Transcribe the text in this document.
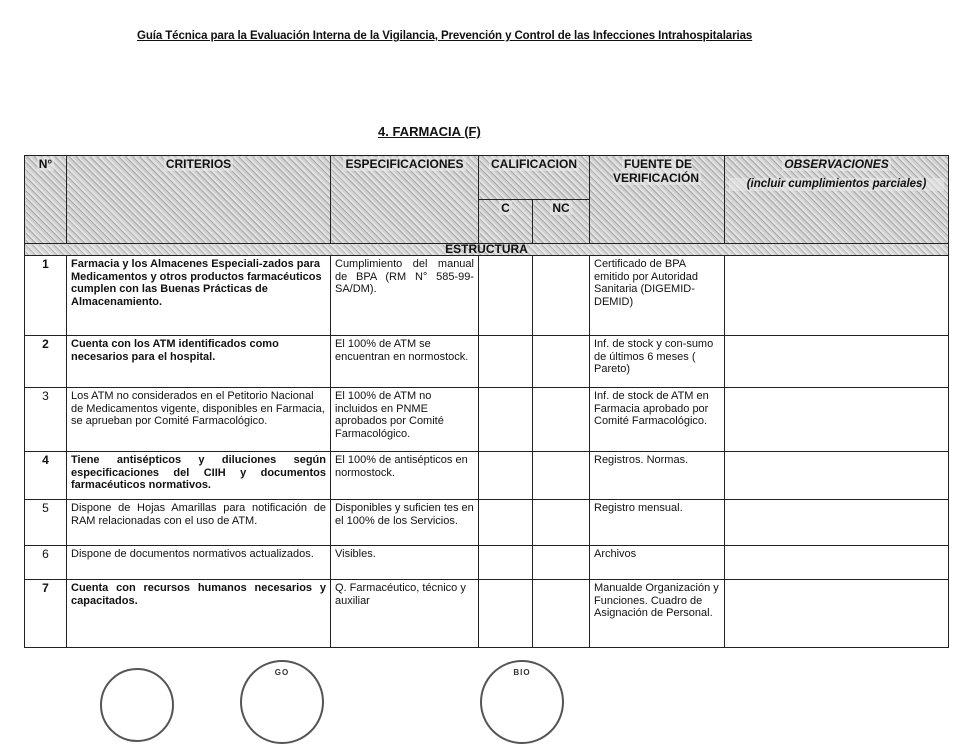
Guía Técnica para la Evaluación Interna de la Vigilancia, Prevención y Control de las Infecciones Intrahospitalarias
4. FARMACIA (F)
N°	CRITERIOS	ESPECIFICACIONES	CALIFICACION		FUENTE DE VERIFICACIÓN	OBSERVACIONES
(incluir cumplimientos parciales)

			C	NC		
ESTRUCTURA						
1	Farmacia y los Almacenes Especiali-zados para Medicamentos y otros productos farmacéuticos cumplen con las Buenas Prácticas de Almacenamiento.	Cumplimiento del manual de BPA (RM N° 585-99-SA/DM).			Certificado de BPA emitido por Autoridad Sanitaria (DIGEMID-DEMID)	
2	Cuenta con los ATM identificados como necesarios para el hospital.	El 100% de ATM se encuentran en normostock.			Inf. de stock y con-sumo de últimos 6 meses ( Pareto)	
3	Los ATM no considerados en el Petitorio Nacional de Medicamentos vigente, disponibles en Farmacia, se aprueban por Comité Farmacológico.	El 100% de ATM no incluidos en PNME aprobados por Comité Farmacológico.			Inf. de stock de ATM en Farmacia aprobado por Comité Farmacológico.	
4	Tiene antisépticos y diluciones según especificaciones del CIIH y documentos farmacéuticos normativos.	El 100% de antisépticos en normostock.			Registros. Normas.	
5	Dispone de Hojas Amarillas para notificación de RAM relacionadas con el uso de ATM.	Disponibles y suficien tes en el 100% de los Servicios.			Registro mensual.	
6	Dispone de documentos normativos actualizados.	Visibles.			Archivos	
7	Cuenta con recursos humanos necesarios y capacitados.	Q. Farmacéutico, técnico y auxiliar			Manualde Organización y Funciones. Cuadro de Asignación de Personal.	
GO	BIO
